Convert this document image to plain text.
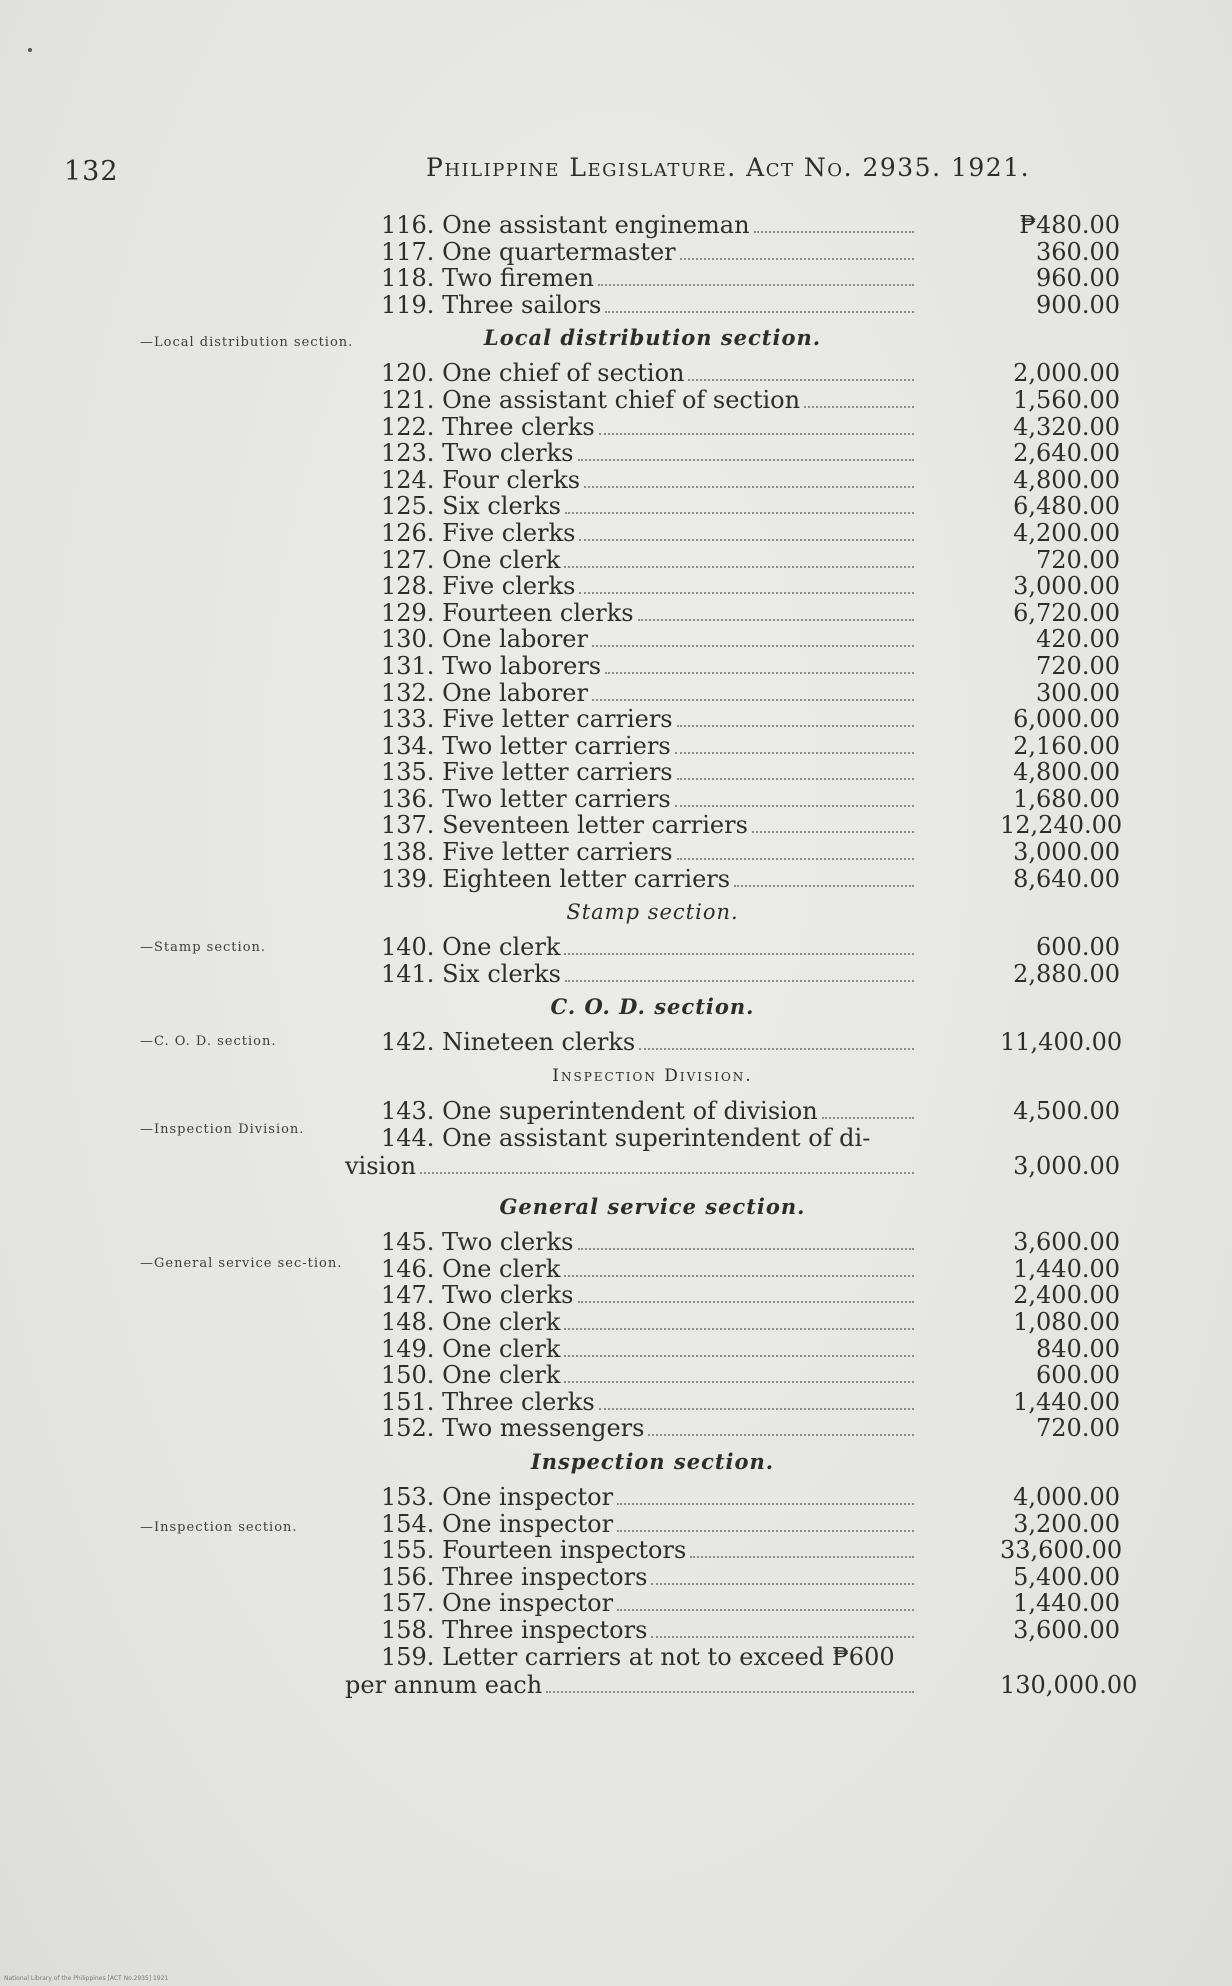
132	Philippine Legislature. Act No. 2935. 1921.
—Local distribution section.
—Stamp section.
—C. O. D. section.
—Inspection Division.
—General service sec-tion.
—Inspection section.
116. One assistant engineman	₱480.00
117. One quartermaster	360.00
118. Two firemen	960.00
119. Three sailors	900.00
Local distribution section.
120. One chief of section	2,000.00
121. One assistant chief of section	1,560.00
122. Three clerks	4,320.00
123. Two clerks	2,640.00
124. Four clerks	4,800.00
125. Six clerks	6,480.00
126. Five clerks	4,200.00
127. One clerk	720.00
128. Five clerks	3,000.00
129. Fourteen clerks	6,720.00
130. One laborer	420.00
131. Two laborers	720.00
132. One laborer	300.00
133. Five letter carriers	6,000.00
134. Two letter carriers	2,160.00
135. Five letter carriers	4,800.00
136. Two letter carriers	1,680.00
137. Seventeen letter carriers	12,240.00
138. Five letter carriers	3,000.00
139. Eighteen letter carriers	8,640.00
Stamp section.
140. One clerk	600.00
141. Six clerks	2,880.00
C. O. D. section.
142. Nineteen clerks	11,400.00
Inspection Division.
143. One superintendent of division	4,500.00
144. One assistant superintendent of di-
vision	3,000.00
General service section.
145. Two clerks	3,600.00
146. One clerk	1,440.00
147. Two clerks	2,400.00
148. One clerk	1,080.00
149. One clerk	840.00
150. One clerk	600.00
151. Three clerks	1,440.00
152. Two messengers	720.00
Inspection section.
153. One inspector	4,000.00
154. One inspector	3,200.00
155. Fourteen inspectors	33,600.00
156. Three inspectors	5,400.00
157. One inspector	1,440.00
158. Three inspectors	3,600.00
159. Letter carriers at not to exceed ₱600
per annum each	130,000.00
National Library of the Philippines [ACT No.2935] 1921
